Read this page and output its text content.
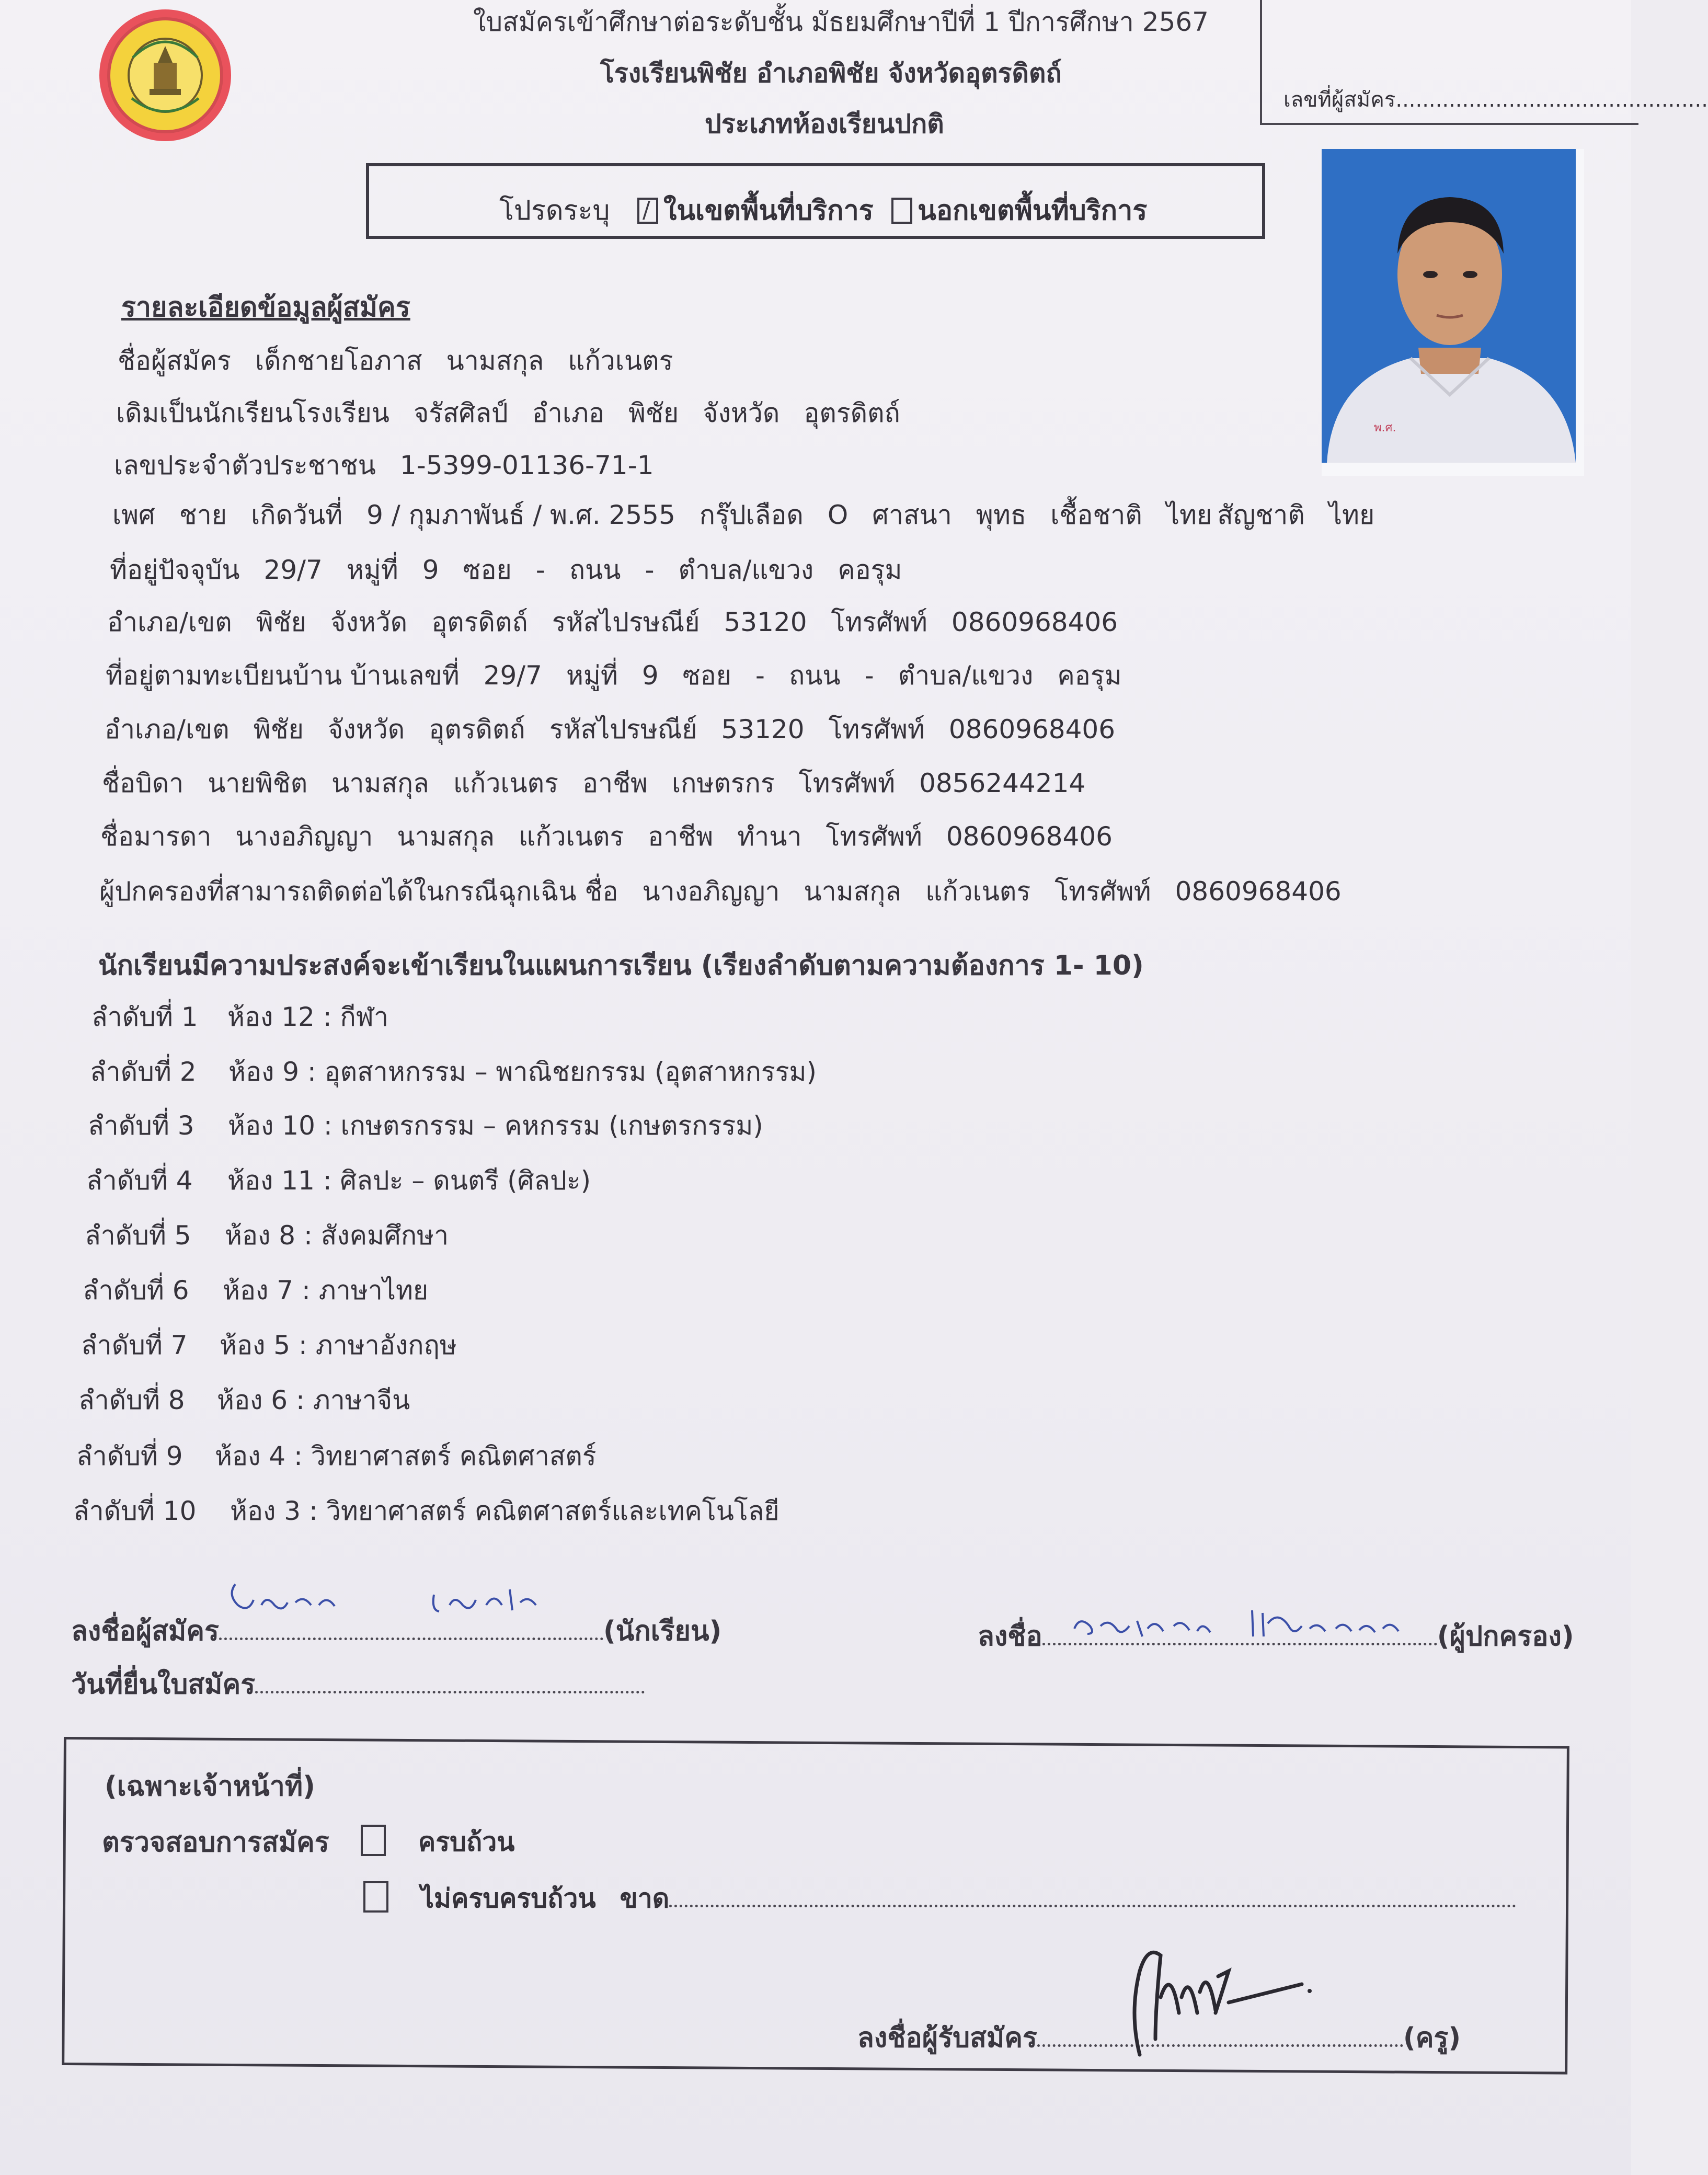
ใบสมัครเข้าศึกษาต่อระดับชั้น มัธยมศึกษาปีที่ 1 ปีการศึกษา 2567
โรงเรียนพิชัย อำเภอพิชัย จังหวัดอุตรดิตถ์
ประเภทห้องเรียนปกติ
เลขที่ผู้สมัคร...............................................
โปรดระบุ / ในเขตพื้นที่บริการ นอกเขตพื้นที่บริการ
พ.ศ.
รายละเอียดข้อมูลผู้สมัคร
ชื่อผู้สมัคร เด็กชายโอภาส นามสกุล แก้วเนตร
เดิมเป็นนักเรียนโรงเรียน จรัสศิลป์ อำเภอ พิชัย จังหวัด อุตรดิตถ์
เลขประจำตัวประชาชน 1-5399-01136-71-1
เพศ ชาย เกิดวันที่ 9 / กุมภาพันธ์ / พ.ศ. 2555 กรุ๊ปเลือด O ศาสนา พุทธ เชื้อชาติ ไทย สัญชาติ ไทย
ที่อยู่ปัจจุบัน 29/7 หมู่ที่ 9 ซอย - ถนน - ตำบล/แขวง คอรุม
อำเภอ/เขต พิชัย จังหวัด อุตรดิตถ์ รหัสไปรษณีย์ 53120 โทรศัพท์ 0860968406
ที่อยู่ตามทะเบียนบ้าน บ้านเลขที่ 29/7 หมู่ที่ 9 ซอย - ถนน - ตำบล/แขวง คอรุม
อำเภอ/เขต พิชัย จังหวัด อุตรดิตถ์ รหัสไปรษณีย์ 53120 โทรศัพท์ 0860968406
ชื่อบิดา นายพิชิต นามสกุล แก้วเนตร อาชีพ เกษตรกร โทรศัพท์ 0856244214
ชื่อมารดา นางอภิญญา นามสกุล แก้วเนตร อาชีพ ทำนา โทรศัพท์ 0860968406
ผู้ปกครองที่สามารถติดต่อได้ในกรณีฉุกเฉิน ชื่อ นางอภิญญา นามสกุล แก้วเนตร โทรศัพท์ 0860968406
นักเรียนมีความประสงค์จะเข้าเรียนในแผนการเรียน (เรียงลำดับตามความต้องการ 1- 10)
ลำดับที่ 1 ห้อง 12 : กีฬา
ลำดับที่ 2 ห้อง 9 : อุตสาหกรรม – พาณิชยกรรม (อุตสาหกรรม)
ลำดับที่ 3 ห้อง 10 : เกษตรกรรม – คหกรรม (เกษตรกรรม)
ลำดับที่ 4 ห้อง 11 : ศิลปะ – ดนตรี (ศิลปะ)
ลำดับที่ 5 ห้อง 8 : สังคมศึกษา
ลำดับที่ 6 ห้อง 7 : ภาษาไทย
ลำดับที่ 7 ห้อง 5 : ภาษาอังกฤษ
ลำดับที่ 8 ห้อง 6 : ภาษาจีน
ลำดับที่ 9 ห้อง 4 : วิทยาศาสตร์ คณิตศาสตร์
ลำดับที่ 10 ห้อง 3 : วิทยาศาสตร์ คณิตศาสตร์และเทคโนโลยี
ลงชื่อผู้สมัคร	(นักเรียน)	ลงชื่อ	(ผู้ปกครอง)
วันที่ยื่นใบสมัคร
(เฉพาะเจ้าหน้าที่)
ตรวจสอบการสมัคร	ครบถ้วน
ไม่ครบครบถ้วน ขาด
ลงชื่อผู้รับสมัคร	(ครู)
